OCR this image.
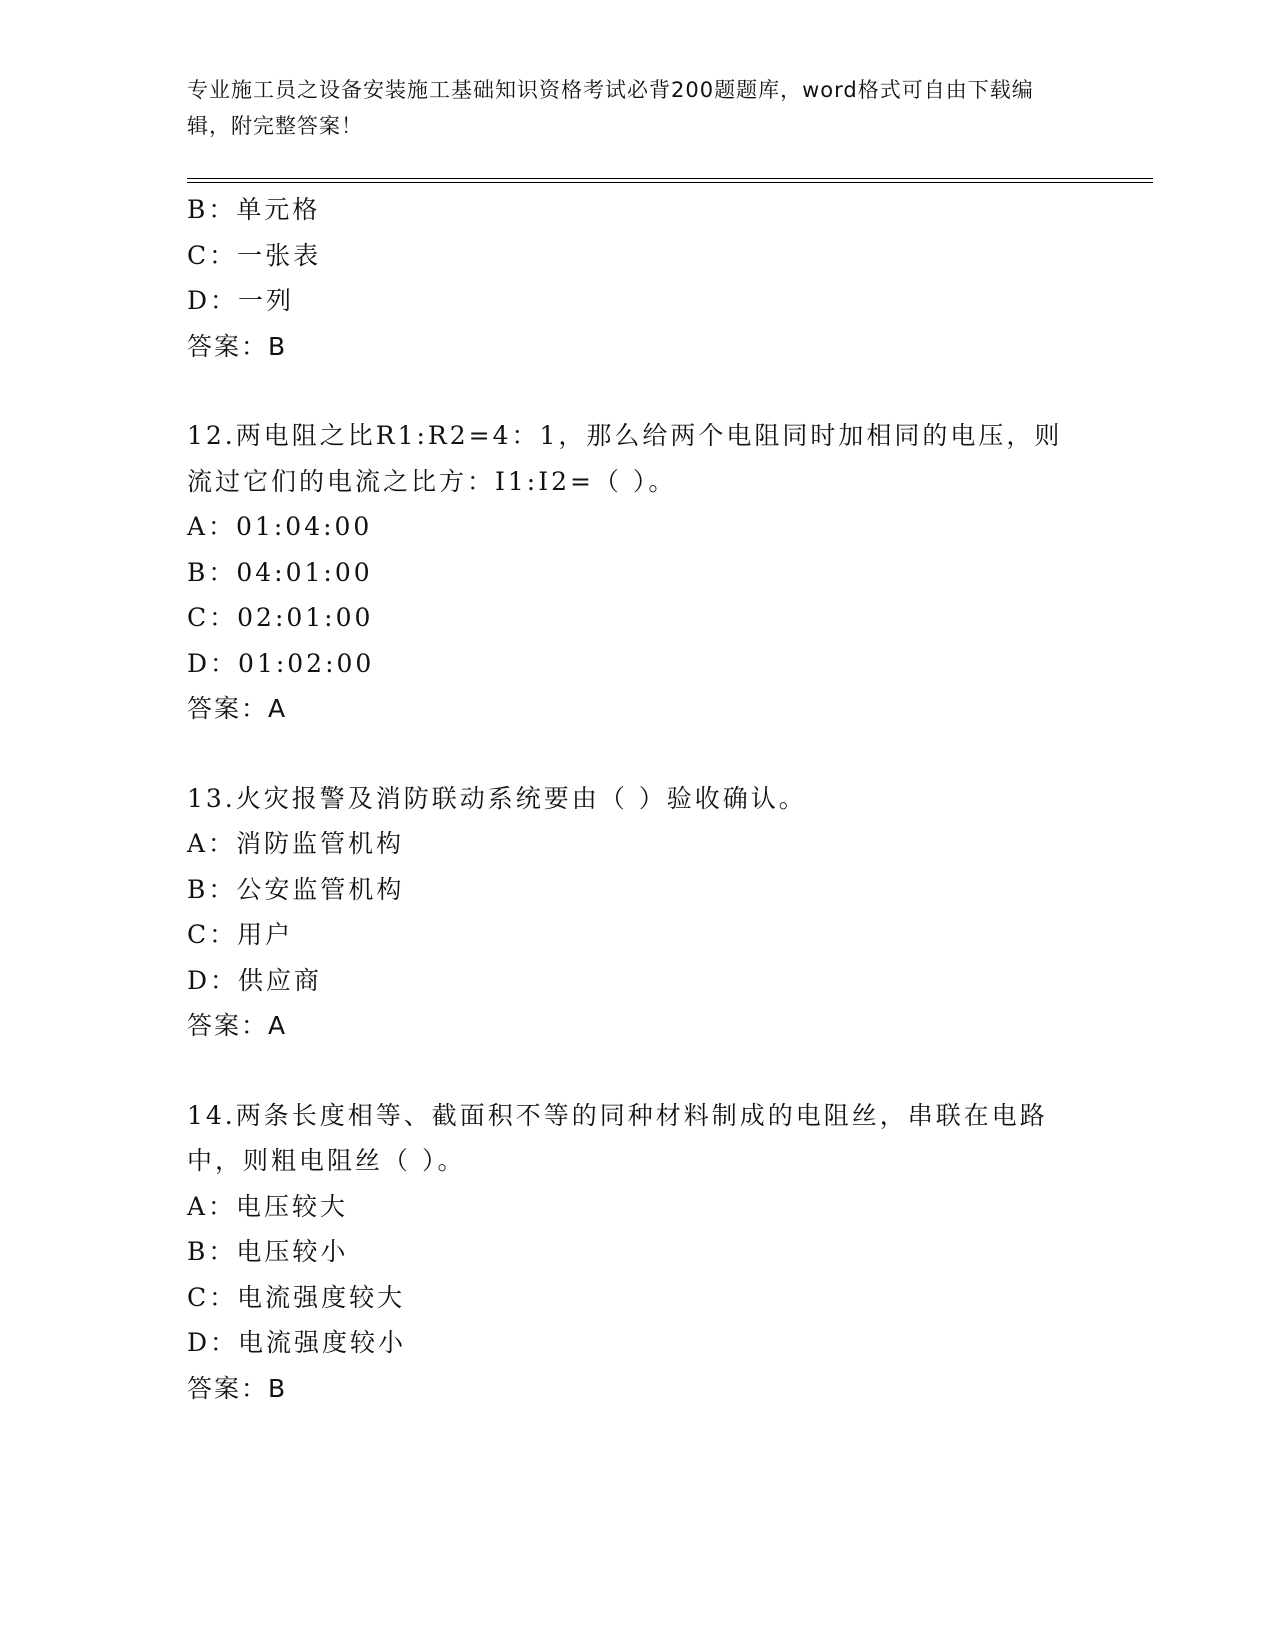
专业施工员之设备安装施工基础知识资格考试必背200题题库，word格式可自由下载编辑，附完整答案！
B：单元格
C：一张表
D：一列
答案：B
12.两电阻之比R1:R2=4：1，那么给两个电阻同时加相同的电压，则流过它们的电流之比方：I1:I2=（ ）。
A：01:04:00
B：04:01:00
C：02:01:00
D：01:02:00
答案：A
13.火灾报警及消防联动系统要由（ ）验收确认。
A：消防监管机构
B：公安监管机构
C：用户
D：供应商
答案：A
14.两条长度相等、截面积不等的同种材料制成的电阻丝，串联在电路中，则粗电阻丝（ ）。
A：电压较大
B：电压较小
C：电流强度较大
D：电流强度较小
答案：B
